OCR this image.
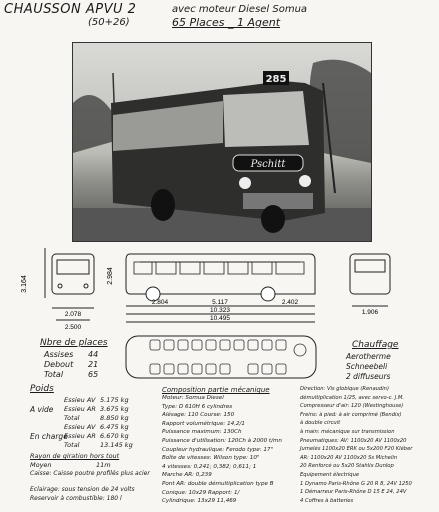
CHAUSSON APVU 2
(50+26)
avec moteur Diesel Somua
65 Places _ 1 Agent
285
Pschitt
3.164	2.984
2.078
2.500
2.804	5.117	2.402
10.323
10.495
1.906
Nbre de places
Assises 44
Debout 21
Total	65
Chauffage
Aerotherme
Schneebeli
2 diffuseurs
Poids
A vide
Essieu AV 5.175 kg
Essieu AR 3.675 kg
Total	8.850 kg
En charge
Essieu AV 6.475 kg
Essieu AR 6.670 kg
Total	13.145 kg
Rayon de giration hors tout
Moyen	11m
Caisse: Caisse poutre profilés plus acier
Eclairage: sous tension de 24 volts
Reservoir à combustible: 180 l
Composition partie mécanique
Moteur: Somua Diesel
Type: D 610H 6 cylindres
Alésage: 110 Course: 150
Rapport volumétrique: 14,2/1
Puissance maximum: 130Ch
Puissance d'utilisation: 120Ch à 2000 t/mn
Coupleur hydraulique: Ferodo type: 17"
Boîte de vitesses: Wilson type: 10"
4 vitesses: 0,241; 0,382; 0,611; 1
Marche AR: 0,239
Pont AR: double démultiplication type B
Conique: 10x29 Rapport: 1/
Cylindrique: 13x29 11,469
Direction: Vis globique (Renaudin)
démultiplication 1/25, avec servo-c. J.M.
Compresseur d'air: 120 (Westinghouse)
Freins: à pied: à air comprimé (Bendix)
à double circuit
à main: mécanique sur transmission
Pneumatiques: AV: 1100x20 AV 1100x20
Jumelés 1100x20 ERK ou 5x200 F20 Kléber
AR: 1100x20 AV 1100x20 Ss Michelin
20 Renforcé ou 5x20 Stahlix Dunlop
Equipement électrique
1 Dynamo Paris-Rhône G 20 R 8, 24V 1250
1 Démarreur Paris-Rhône D 15 E 24, 24V
4 Coffres à batteries
